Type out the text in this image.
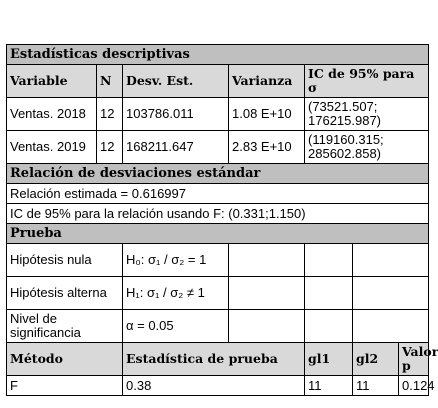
Estadísticas descriptivas						
Variable	N	Desv. Est.	Varianza	IC de 95% para σ		
Ventas. 2018	12	103786.011	1.08 E+10	(73521.507; 176215.987)		
Ventas. 2019	12	168211.647	2.83 E+10	(119160.315; 285602.858)		
Relación de desviaciones estándar						
Relación estimada = 0.616997						
IC de 95% para la relación usando F: (0.331;1.150)						
Prueba						
Hipótesis nula		H₀: σ₁ / σ₂ = 1				
Hipótesis alterna		H₁: σ₁ / σ₂ ≠ 1				
Nivel de significancia		α = 0.05				
Método		Estadística de prueba		gl1	gl2	Valor p
F		0.38		11	11	0.124
